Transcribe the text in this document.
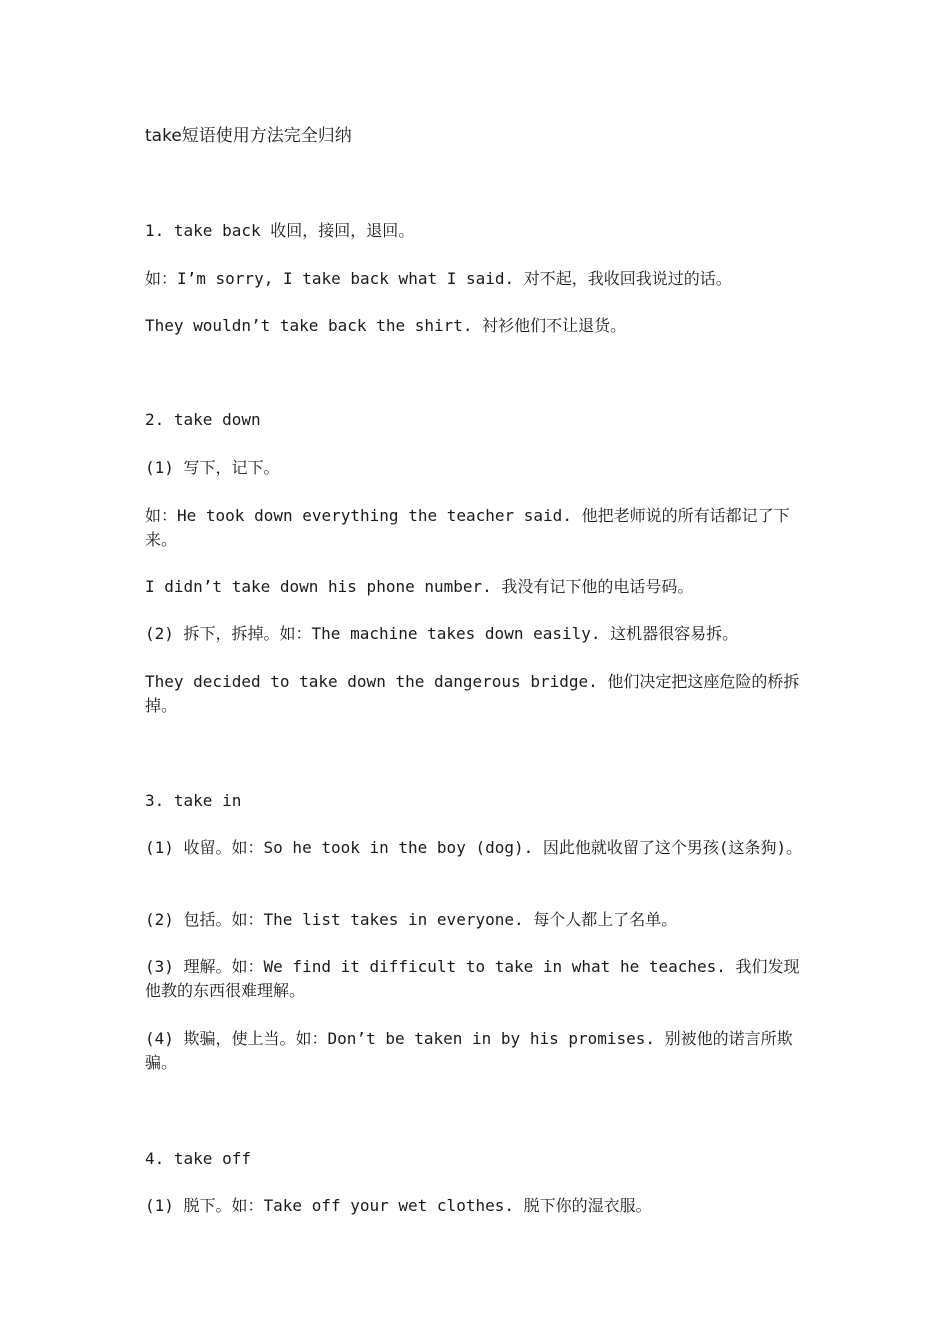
take短语使用方法完全归纳
1. take back 收回，接回，退回。
如：I’m sorry, I take back what I said. 对不起，我收回我说过的话。
They wouldn’t take back the shirt. 衬衫他们不让退货。
2. take down
(1) 写下，记下。
如：He took down everything the teacher said. 他把老师说的所有话都记了下来。
I didn’t take down his phone number. 我没有记下他的电话号码。
(2) 拆下，拆掉。如：The machine takes down easily. 这机器很容易拆。
They decided to take down the dangerous bridge. 他们决定把这座危险的桥拆掉。
3. take in
(1) 收留。如：So he took in the boy (dog). 因此他就收留了这个男孩(这条狗)。
(2) 包括。如：The list takes in everyone. 每个人都上了名单。
(3) 理解。如：We find it difficult to take in what he teaches. 我们发现他教的东西很难理解。
(4) 欺骗，使上当。如：Don’t be taken in by his promises. 别被他的诺言所欺骗。
4. take off
(1) 脱下。如：Take off your wet clothes. 脱下你的湿衣服。
